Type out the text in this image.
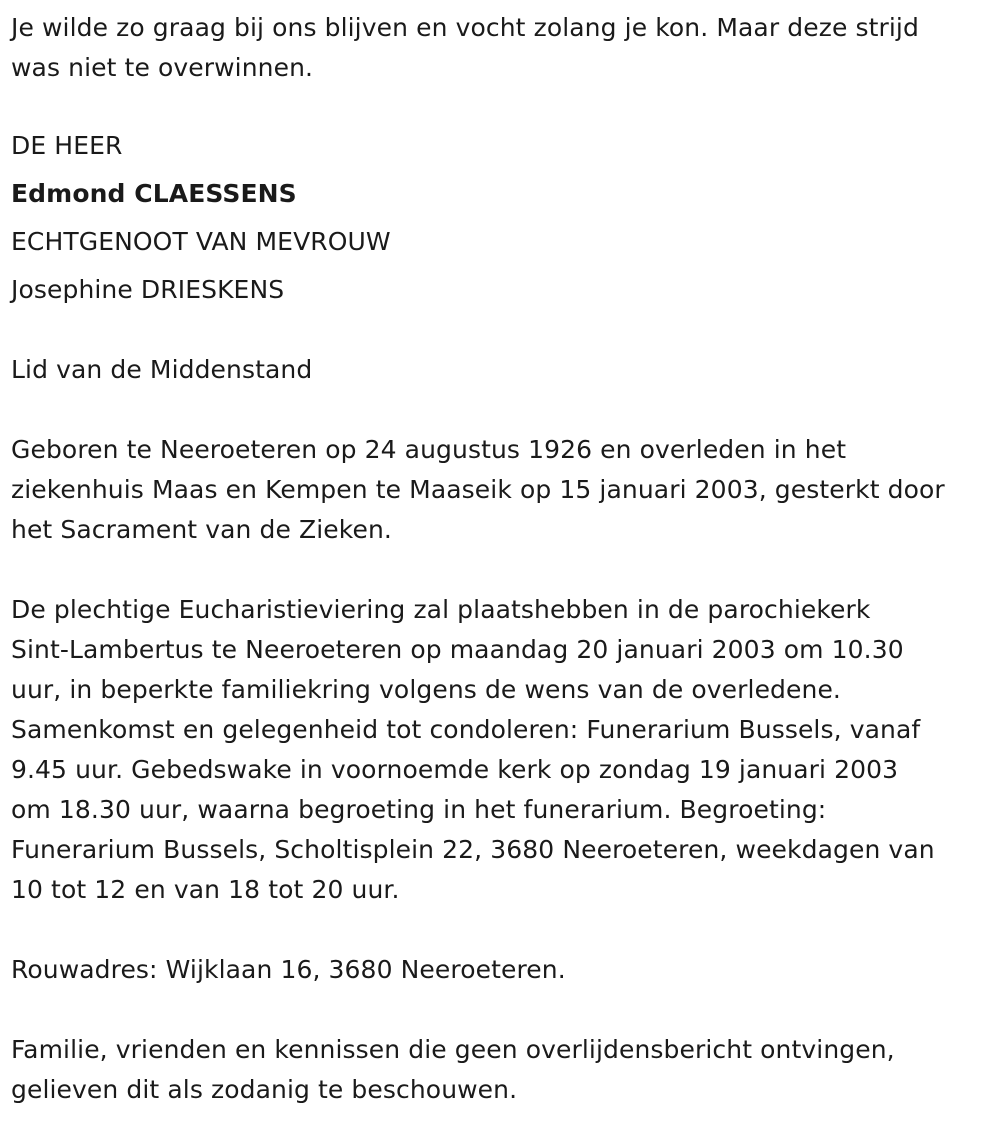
Je wilde zo graag bij ons blijven en vocht zolang je kon. Maar deze strijd
was niet te overwinnen.

DE HEER

Edmond CLAESSENS

ECHTGENOOT VAN MEVROUW

Josephine DRIESKENS

Lid van de Middenstand

Geboren te Neeroeteren op 24 augustus 1926 en overleden in het
ziekenhuis Maas en Kempen te Maaseik op 15 januari 2003, gesterkt door
het Sacrament van de Zieken.

De plechtige Eucharistieviering zal plaatshebben in de parochiekerk
Sint-Lambertus te Neeroeteren op maandag 20 januari 2003 om 10.30
uur, in beperkte familiekring volgens de wens van de overledene.
Samenkomst en gelegenheid tot condoleren: Funerarium Bussels, vanaf
9.45 uur. Gebedswake in voornoemde kerk op zondag 19 januari 2003
om 18.30 uur, waarna begroeting in het funerarium. Begroeting:
Funerarium Bussels, Scholtisplein 22, 3680 Neeroeteren, weekdagen van
10 tot 12 en van 18 tot 20 uur.

Rouwadres: Wijklaan 16, 3680 Neeroeteren.

Familie, vrienden en kennissen die geen overlijdensbericht ontvingen,
gelieven dit als zodanig te beschouwen.
